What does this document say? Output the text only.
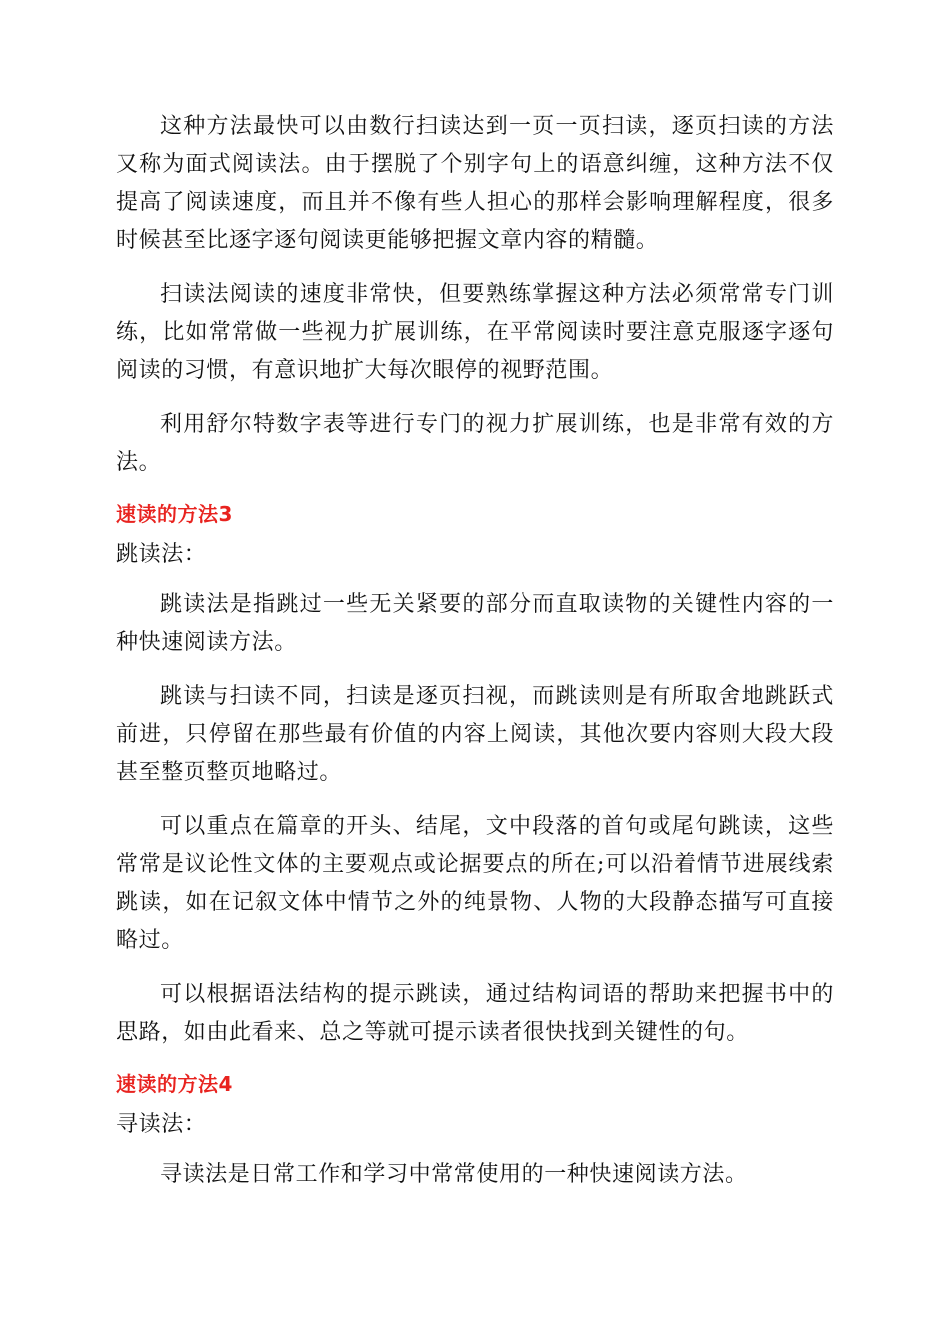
这种方法最快可以由数行扫读达到一页一页扫读，逐页扫读的方法又称为面式阅读法。由于摆脱了个别字句上的语意纠缠，这种方法不仅提高了阅读速度，而且并不像有些人担心的那样会影响理解程度，很多时候甚至比逐字逐句阅读更能够把握文章内容的精髓。

扫读法阅读的速度非常快，但要熟练掌握这种方法必须常常专门训练，比如常常做一些视力扩展训练，在平常阅读时要注意克服逐字逐句阅读的习惯，有意识地扩大每次眼停的视野范围。

利用舒尔特数字表等进行专门的视力扩展训练，也是非常有效的方法。

速读的方法3

跳读法：

跳读法是指跳过一些无关紧要的部分而直取读物的关键性内容的一种快速阅读方法。

跳读与扫读不同，扫读是逐页扫视，而跳读则是有所取舍地跳跃式前进，只停留在那些最有价值的内容上阅读，其他次要内容则大段大段甚至整页整页地略过。

可以重点在篇章的开头、结尾，文中段落的首句或尾句跳读，这些常常是议论性文体的主要观点或论据要点的所在;可以沿着情节进展线索跳读，如在记叙文体中情节之外的纯景物、人物的大段静态描写可直接略过。

可以根据语法结构的提示跳读，通过结构词语的帮助来把握书中的思路，如由此看来、总之等就可提示读者很快找到关键性的句。

速读的方法4

寻读法：

寻读法是日常工作和学习中常常使用的一种快速阅读方法。
